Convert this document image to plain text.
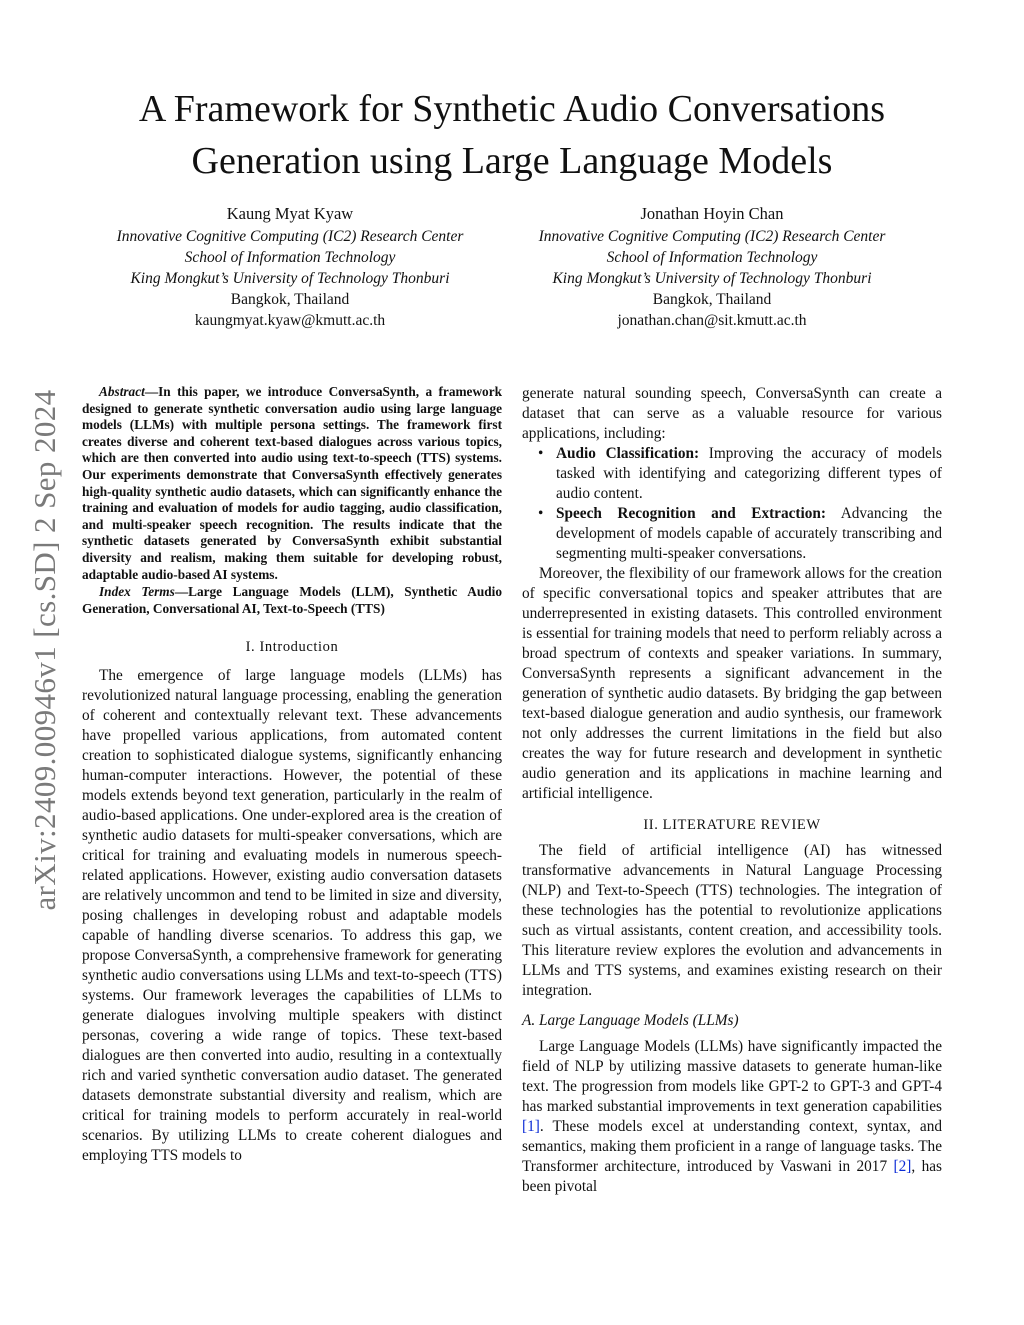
arXiv:2409.00946v1 [cs.SD] 2 Sep 2024
A Framework for Synthetic Audio Conversations
Generation using Large Language Models
Kaung Myat Kyaw
Innovative Cognitive Computing (IC2) Research Center
School of Information Technology
King Mongkut’s University of Technology Thonburi
Bangkok, Thailand
kaungmyat.kyaw@kmutt.ac.th
Jonathan Hoyin Chan
Innovative Cognitive Computing (IC2) Research Center
School of Information Technology
King Mongkut’s University of Technology Thonburi
Bangkok, Thailand
jonathan.chan@sit.kmutt.ac.th

Abstract—In this paper, we introduce ConversaSynth, a framework designed to generate synthetic conversation audio using large language models (LLMs) with multiple persona settings. The framework first creates diverse and coherent text-based dialogues across various topics, which are then converted into audio using text-to-speech (TTS) systems. Our experiments demonstrate that ConversaSynth effectively generates high-quality synthetic audio datasets, which can significantly enhance the training and evaluation of models for audio tagging, audio classification, and multi-speaker speech recognition. The results indicate that the synthetic datasets generated by ConversaSynth exhibit substantial diversity and realism, making them suitable for developing robust, adaptable audio-based AI systems.

Index Terms—Large Language Models (LLM), Synthetic Audio Generation, Conversational AI, Text-to-Speech (TTS)

I. Introduction

The emergence of large language models (LLMs) has revolutionized natural language processing, enabling the generation of coherent and contextually relevant text. These advancements have propelled various applications, from automated content creation to sophisticated dialogue systems, significantly enhancing human-computer interactions. However, the potential of these models extends beyond text generation, particularly in the realm of audio-based applications. One under-explored area is the creation of synthetic audio datasets for multi-speaker conversations, which are critical for training and evaluating models in numerous speech-related applications. However, existing audio conversation datasets are relatively uncommon and tend to be limited in size and diversity, posing challenges in developing robust and adaptable models capable of handling diverse scenarios. To address this gap, we propose ConversaSynth, a comprehensive framework for generating synthetic audio conversations using LLMs and text-to-speech (TTS) systems. Our framework leverages the capabilities of LLMs to generate dialogues involving multiple speakers with distinct personas, covering a wide range of topics. These text-based dialogues are then converted into audio, resulting in a contextually rich and varied synthetic conversation audio dataset. The generated datasets demonstrate substantial diversity and realism, which are critical for training models to perform accurately in real-world scenarios. By utilizing LLMs to create coherent dialogues and employing TTS models to

generate natural sounding speech, ConversaSynth can create a dataset that can serve as a valuable resource for various applications, including:

• Audio Classification: Improving the accuracy of models tasked with identifying and categorizing different types of audio content.
• Speech Recognition and Extraction: Advancing the development of models capable of accurately transcribing and segmenting multi-speaker conversations.

Moreover, the flexibility of our framework allows for the creation of specific conversational topics and speaker attributes that are underrepresented in existing datasets. This controlled environment is essential for training models that need to perform reliably across a broad spectrum of contexts and speaker variations. In summary, ConversaSynth represents a significant advancement in the generation of synthetic audio datasets. By bridging the gap between text-based dialogue generation and audio synthesis, our framework not only addresses the current limitations in the field but also creates the way for future research and development in synthetic audio generation and its applications in machine learning and artificial intelligence.

II. LITERATURE REVIEW

The field of artificial intelligence (AI) has witnessed transformative advancements in Natural Language Processing (NLP) and Text-to-Speech (TTS) technologies. The integration of these technologies has the potential to revolutionize applications such as virtual assistants, content creation, and accessibility tools. This literature review explores the evolution and advancements in LLMs and TTS systems, and examines existing research on their integration.

A. Large Language Models (LLMs)

Large Language Models (LLMs) have significantly impacted the field of NLP by utilizing massive datasets to generate human-like text. The progression from models like GPT-2 to GPT-3 and GPT-4 has marked substantial improvements in text generation capabilities [1]. These models excel at understanding context, syntax, and semantics, making them proficient in a range of language tasks. The Transformer architecture, introduced by Vaswani in 2017 [2], has been pivotal
